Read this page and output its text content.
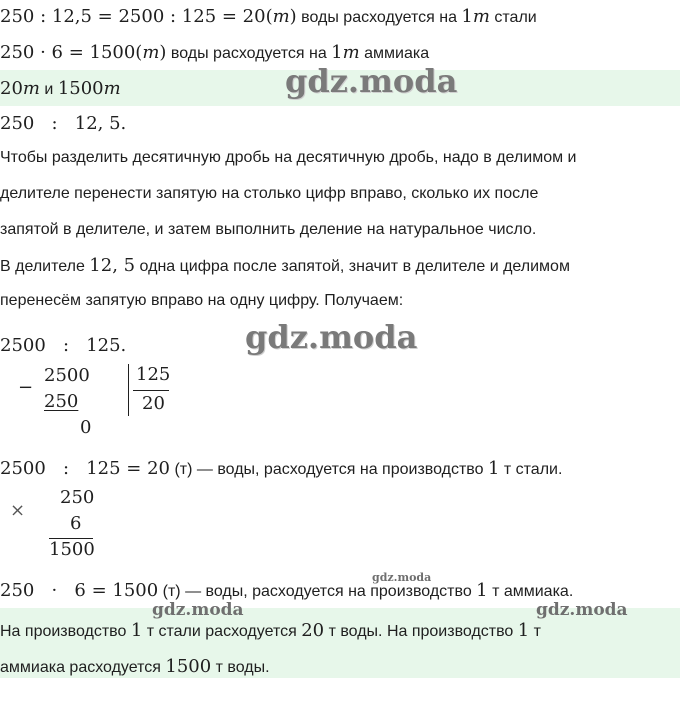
250 : 12,5 = 2500 : 125 = 20(m) воды расходуется на 1m стали
250 · 6 = 1500(m) воды расходуется на 1m аммиака
20m и 1500m	gdz.moda
250   :   12, 5.
Чтобы разделить десятичную дробь на десятичную дробь, надо в делимом и
делителе перенести запятую на столько цифр вправо, сколько их после
запятой в делителе, и затем выполнить деление на натуральное число.
В делителе 12, 5 одна цифра после запятой, значит в делителе и делимом
перенесём запятую вправо на одну цифру. Получаем:
2500   :   125.	gdz.moda
−
2500
250
0
125
20
2500   :   125 = 20 (т) — воды, расходуется на производство 1 т стали.
×
250
6
1500
gdz.moda
250   ·   6 = 1500 (т) — воды, расходуется на производство 1 т аммиака.
gdz.moda	gdz.moda
На производство 1 т стали расходуется 20 т воды. На производство 1 т
аммиака расходуется 1500 т воды.
